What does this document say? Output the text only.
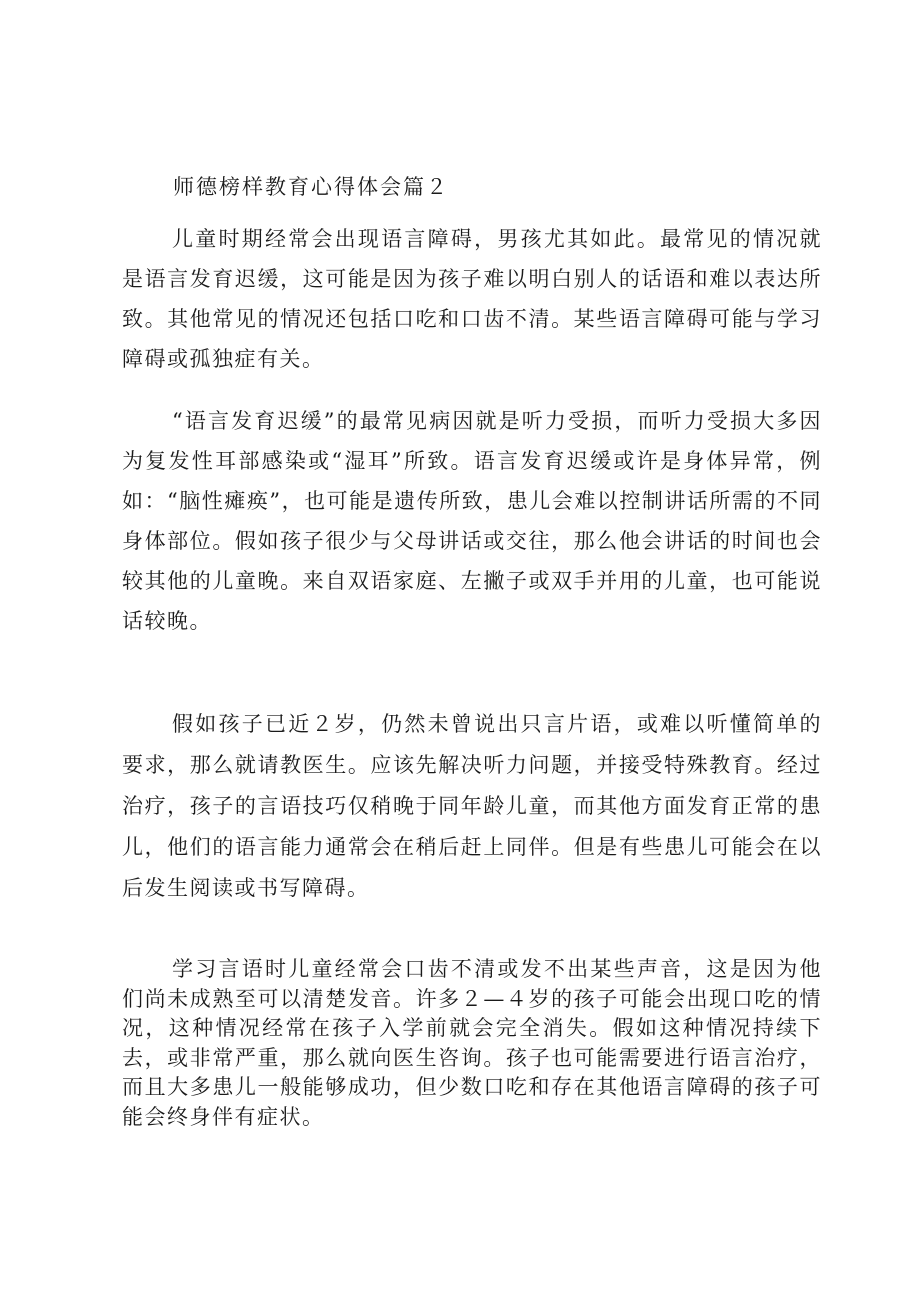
师德榜样教育心得体会篇２

儿童时期经常会出现语言障碍，男孩尤其如此。最常见的情况就是语言发育迟缓，这可能是因为孩子难以明白别人的话语和难以表达所致。其他常见的情况还包括口吃和口齿不清。某些语言障碍可能与学习障碍或孤独症有关。

“语言发育迟缓”的最常见病因就是听力受损，而听力受损大多因为复发性耳部感染或“湿耳”所致。语言发育迟缓或许是身体异常，例如：“脑性瘫痪”，也可能是遗传所致，患儿会难以控制讲话所需的不同身体部位。假如孩子很少与父母讲话或交往，那么他会讲话的时间也会较其他的儿童晚。来自双语家庭、左撇子或双手并用的儿童，也可能说话较晚。

假如孩子已近２岁，仍然未曾说出只言片语，或难以听懂简单的要求，那么就请教医生。应该先解决听力问题，并接受特殊教育。经过治疗，孩子的言语技巧仅稍晚于同年龄儿童，而其他方面发育正常的患儿，他们的语言能力通常会在稍后赶上同伴。但是有些患儿可能会在以后发生阅读或书写障碍。

学习言语时儿童经常会口齿不清或发不出某些声音，这是因为他们尚未成熟至可以清楚发音。许多２—４岁的孩子可能会出现口吃的情况，这种情况经常在孩子入学前就会完全消失。假如这种情况持续下去，或非常严重，那么就向医生咨询。孩子也可能需要进行语言治疗，而且大多患儿一般能够成功，但少数口吃和存在其他语言障碍的孩子可能会终身伴有症状。
